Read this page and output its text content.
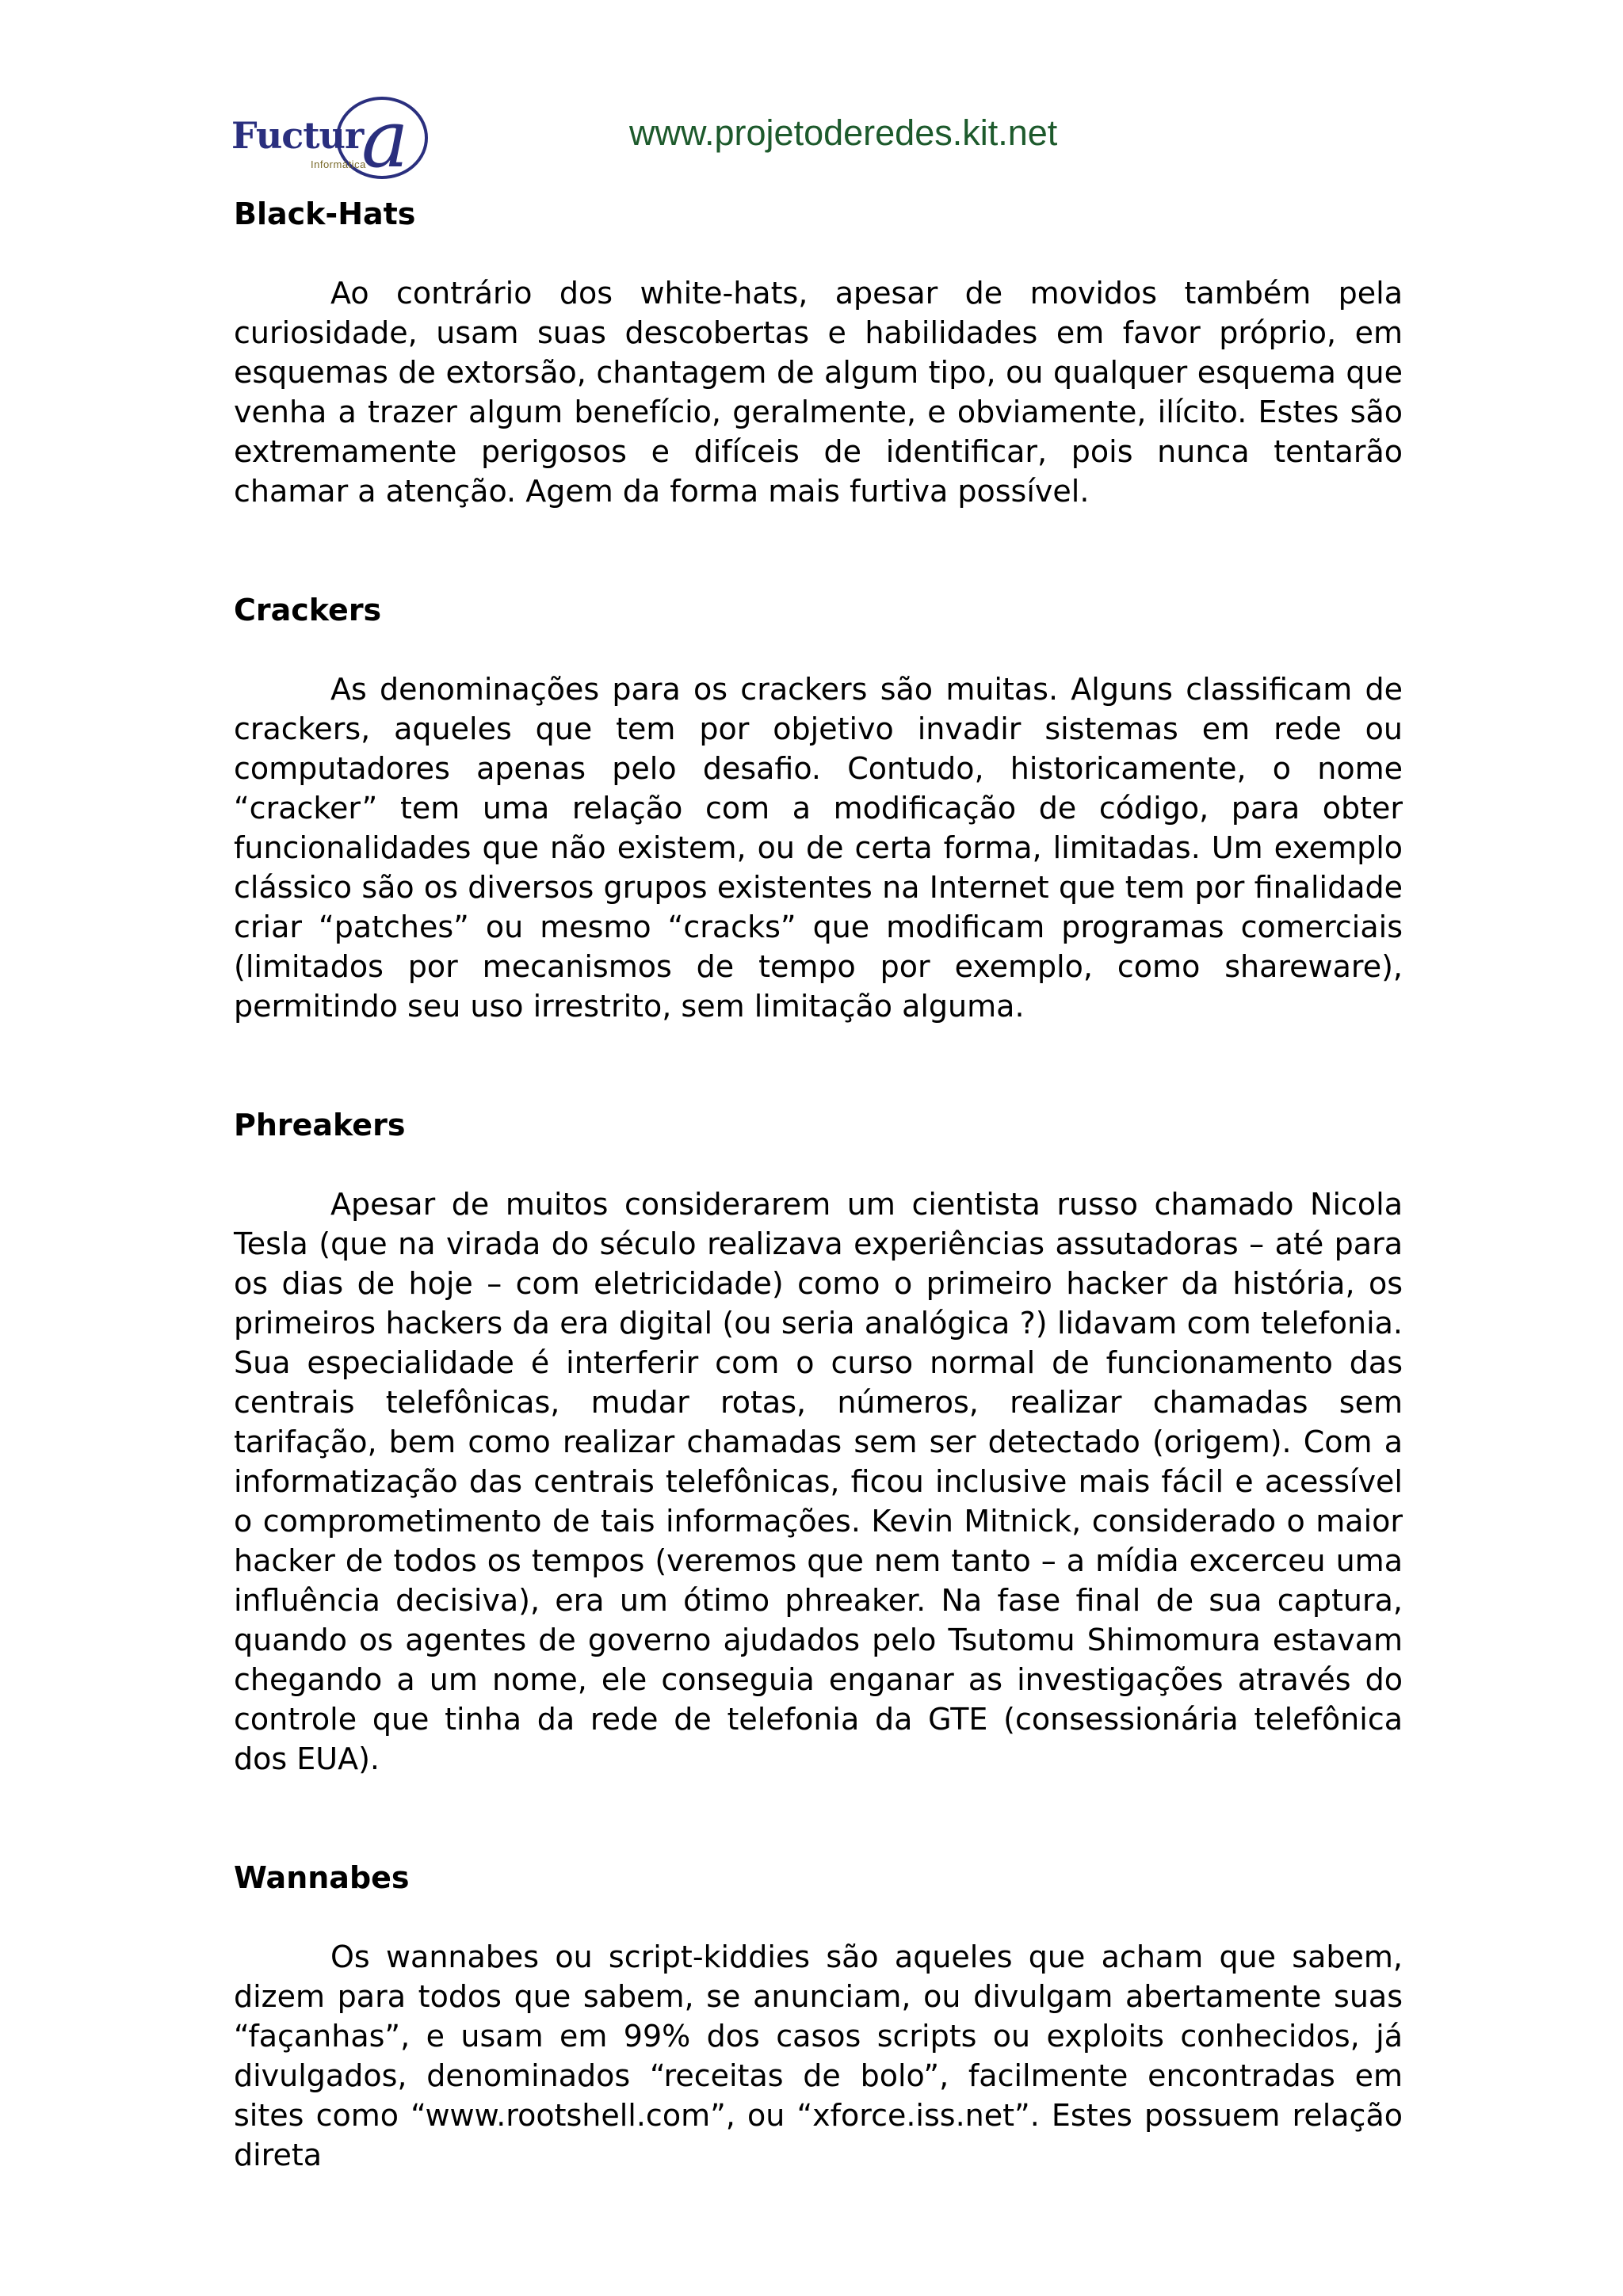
Fuctur
a
Informática
www.projetoderedes.kit.net
Black-Hats

Ao contrário dos white-hats, apesar de movidos também pela curiosidade, usam suas descobertas e habilidades em favor próprio, em esquemas de extorsão, chantagem de algum tipo, ou qualquer esquema que venha a trazer algum benefício, geralmente, e obviamente, ilícito. Estes são extremamente perigosos e difíceis de identificar, pois nunca tentarão chamar a atenção. Agem da forma mais furtiva possível.

Crackers

As denominações para os crackers são muitas. Alguns classificam de crackers, aqueles que tem por objetivo invadir sistemas em rede ou computadores apenas pelo desafio. Contudo, historicamente, o nome “cracker” tem uma relação com a modificação de código, para obter funcionalidades que não existem, ou de certa forma, limitadas. Um exemplo clássico são os diversos grupos existentes na Internet que tem por finalidade criar “patches” ou mesmo “cracks” que modificam programas comerciais (limitados por mecanismos de tempo por exemplo, como shareware), permitindo seu uso irrestrito, sem limitação alguma.

Phreakers

Apesar de muitos considerarem um cientista russo chamado Nicola Tesla (que na virada do século realizava experiências assutadoras – até para os dias de hoje – com eletricidade) como o primeiro hacker da história, os primeiros hackers da era digital (ou seria analógica ?) lidavam com telefonia. Sua especialidade é interferir com o curso normal de funcionamento das centrais telefônicas, mudar rotas, números, realizar chamadas sem tarifação, bem como realizar chamadas sem ser detectado (origem). Com a informatização das centrais telefônicas, ficou inclusive mais fácil e acessível o comprometimento de tais informações. Kevin Mitnick, considerado o maior hacker de todos os tempos (veremos que nem tanto – a mídia excerceu uma influência decisiva), era um ótimo phreaker. Na fase final de sua captura, quando os agentes de governo ajudados pelo Tsutomu Shimomura estavam chegando a um nome, ele conseguia enganar as investigações através do controle que tinha da rede de telefonia da GTE (consessionária telefônica dos EUA).

Wannabes

Os wannabes ou script-kiddies são aqueles que acham que sabem, dizem para todos que sabem, se anunciam, ou divulgam abertamente suas “façanhas”, e usam em 99% dos casos scripts ou exploits conhecidos, já divulgados, denominados “receitas de bolo”, facilmente encontradas em sites como “www.rootshell.com”, ou “xforce.iss.net”. Estes possuem relação direta
